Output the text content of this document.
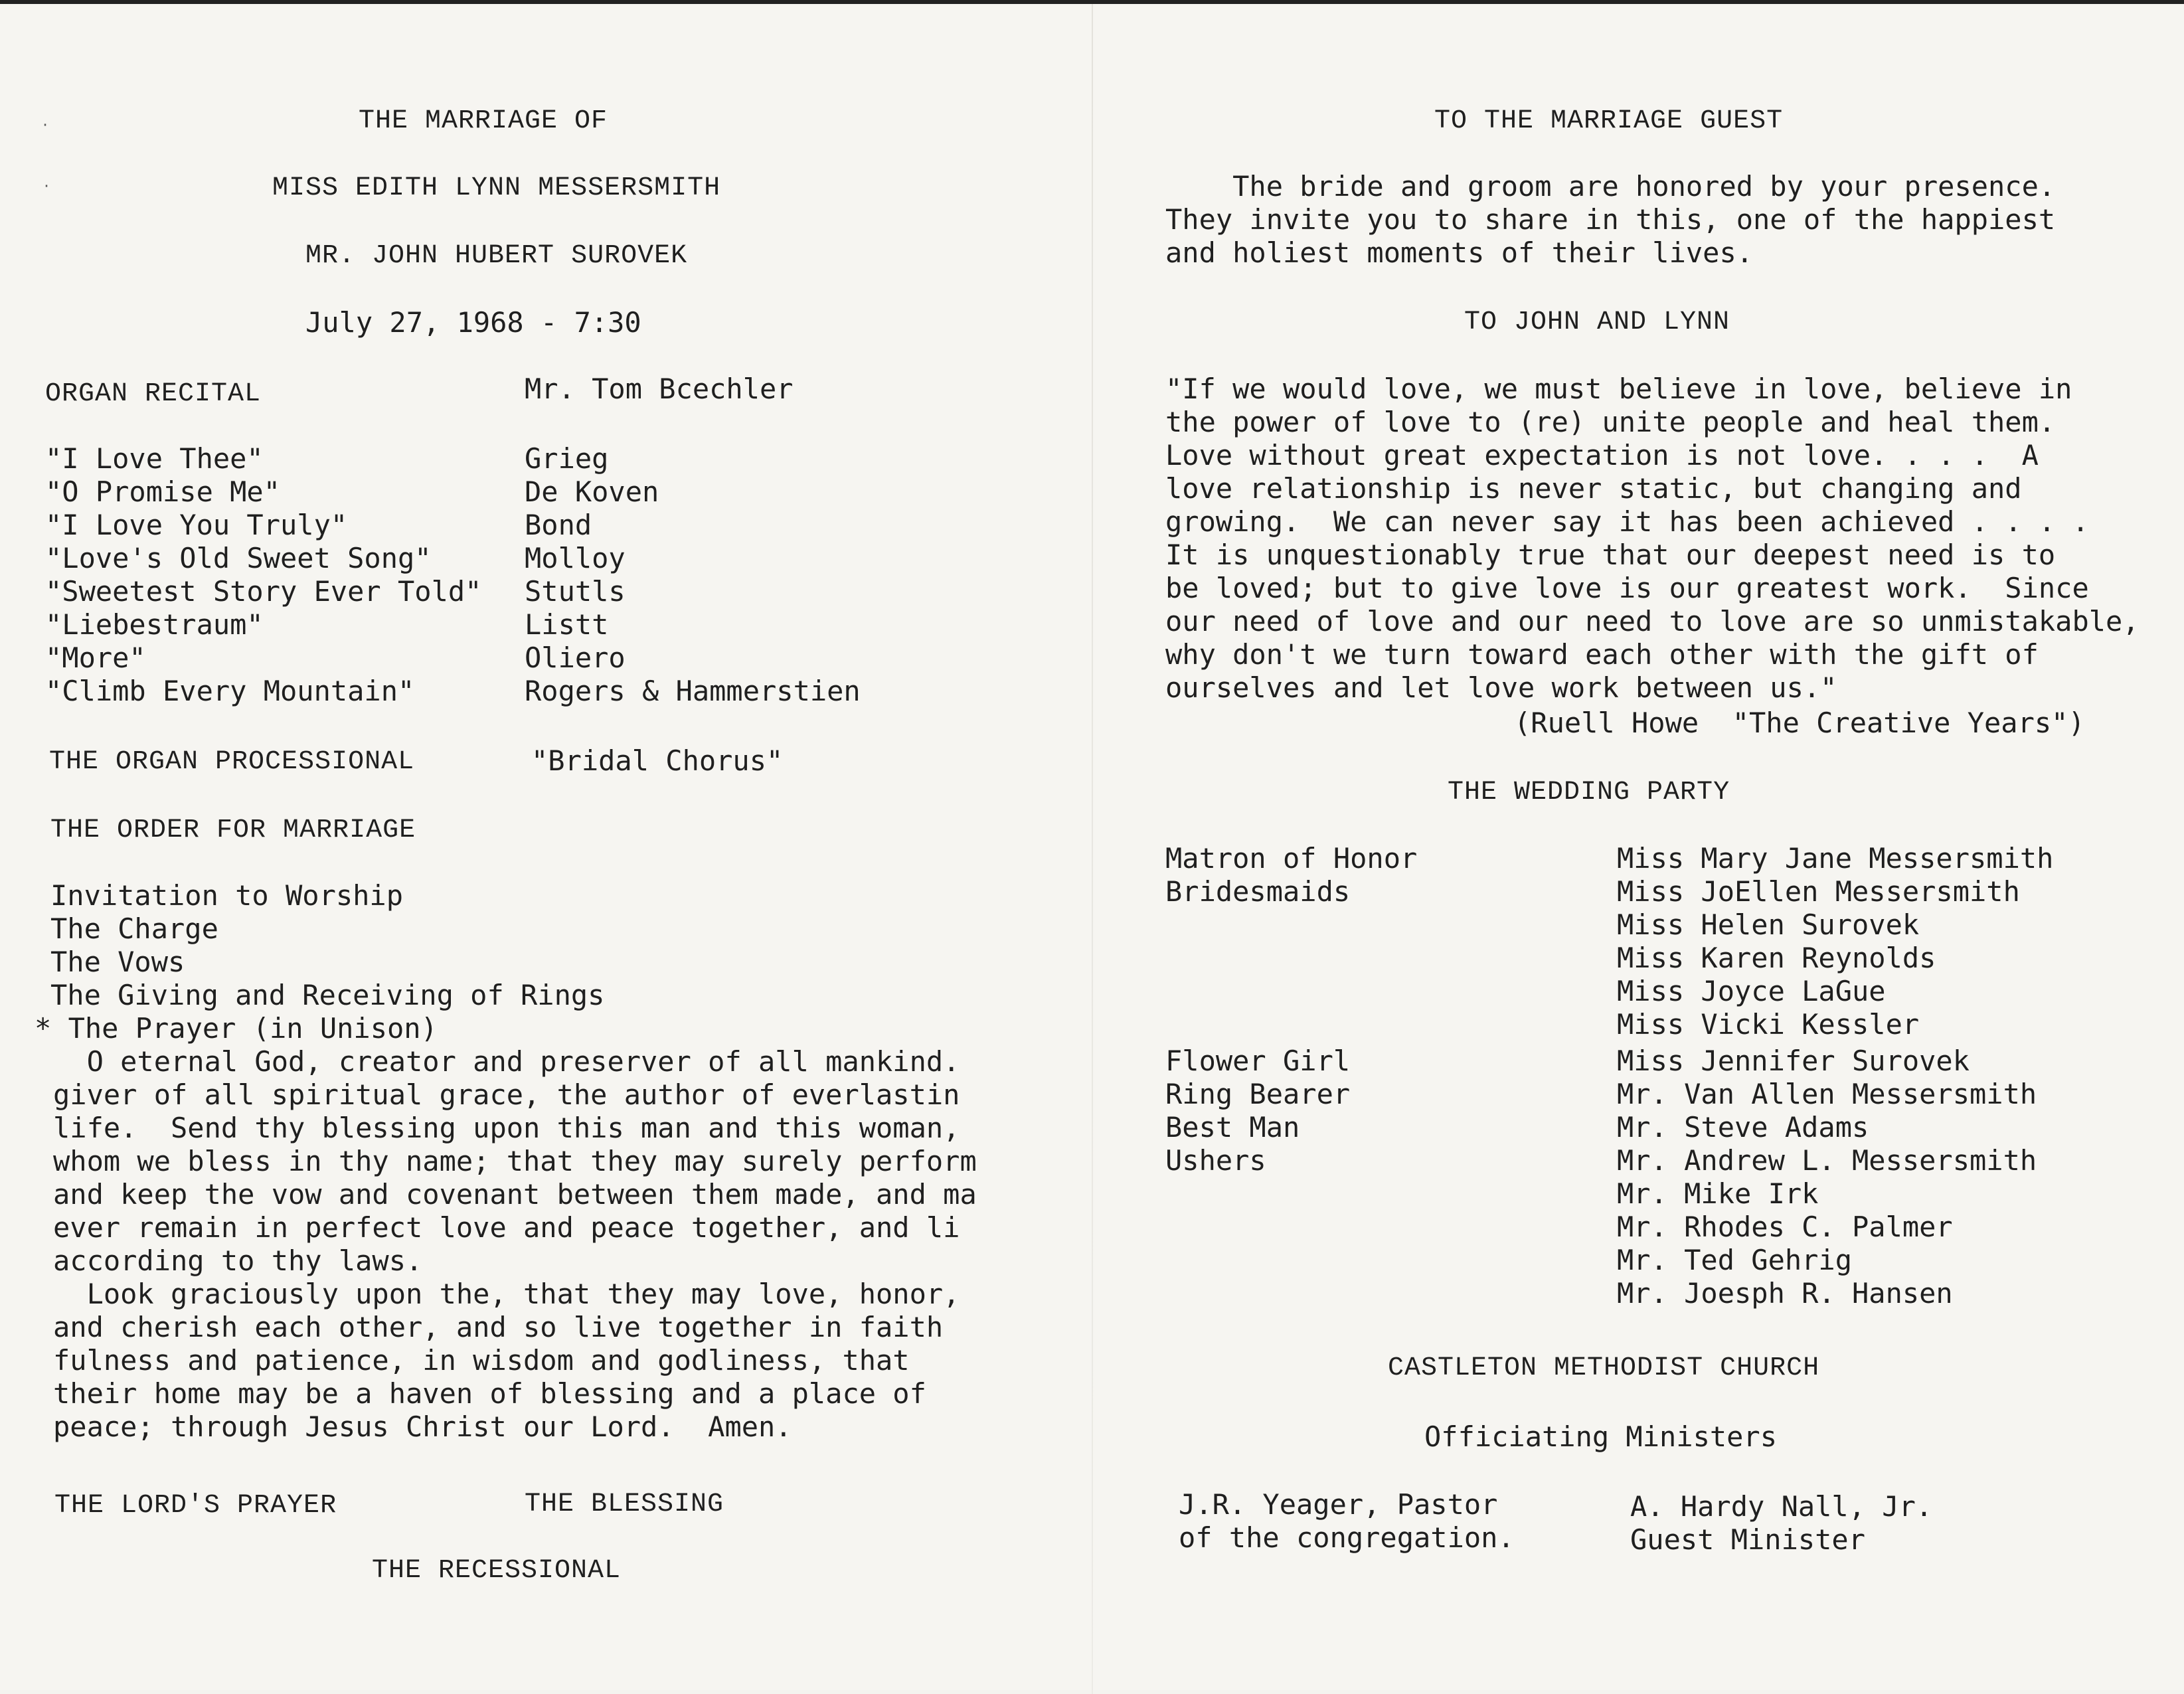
·
·
THE MARRIAGE OF
MISS EDITH LYNN MESSERSMITH
MR. JOHN HUBERT SUROVEK
July 27, 1968 - 7:30
ORGAN RECITAL	Mr. Tom Bcechler
"I Love Thee"	Grieg
"O Promise Me"	De Koven
"I Love You Truly"	Bond
"Love's Old Sweet Song"	Molloy
"Sweetest Story Ever Told" Stutls
"Liebestraum"	Listt
"More"	Oliero
"Climb Every Mountain"	Rogers & Hammerstien
THE ORGAN PROCESSIONAL	"Bridal Chorus"
THE ORDER FOR MARRIAGE
Invitation to Worship
The Charge
The Vows
The Giving and Receiving of Rings
* The Prayer (in Unison)
O eternal God, creator and preserver of all mankind.
giver of all spiritual grace, the author of everlastin
life.  Send thy blessing upon this man and this woman,
whom we bless in thy name; that they may surely perform
and keep the vow and covenant between them made, and ma
ever remain in perfect love and peace together, and li
according to thy laws.
Look graciously upon the, that they may love, honor,
and cherish each other, and so live together in faith
fulness and patience, in wisdom and godliness, that
their home may be a haven of blessing and a place of
peace; through Jesus Christ our Lord.  Amen.
THE LORD'S PRAYER	THE BLESSING
THE RECESSIONAL
TO THE MARRIAGE GUEST
The bride and groom are honored by your presence.
They invite you to share in this, one of the happiest
and holiest moments of their lives.
TO JOHN AND LYNN
"If we would love, we must believe in love, believe in
the power of love to (re) unite people and heal them.
Love without great expectation is not love. . . .  A
love relationship is never static, but changing and
growing.  We can never say it has been achieved . . . .
It is unquestionably true that our deepest need is to
be loved; but to give love is our greatest work.  Since
our need of love and our need to love are so unmistakable,
why don't we turn toward each other with the gift of
ourselves and let love work between us."
(Ruell Howe  "The Creative Years")
THE WEDDING PARTY
Matron of Honor	Miss Mary Jane Messersmith
Bridesmaids	Miss JoEllen Messersmith
Miss Helen Surovek
Miss Karen Reynolds
Miss Joyce LaGue
Miss Vicki Kessler
Flower Girl	Miss Jennifer Surovek
Ring Bearer	Mr. Van Allen Messersmith
Best Man	Mr. Steve Adams
Ushers	Mr. Andrew L. Messersmith
Mr. Mike Irk
Mr. Rhodes C. Palmer
Mr. Ted Gehrig
Mr. Joesph R. Hansen
CASTLETON METHODIST CHURCH
Officiating Ministers
J.R. Yeager, Pastor
of the congregation.
A. Hardy Nall, Jr.
Guest Minister
